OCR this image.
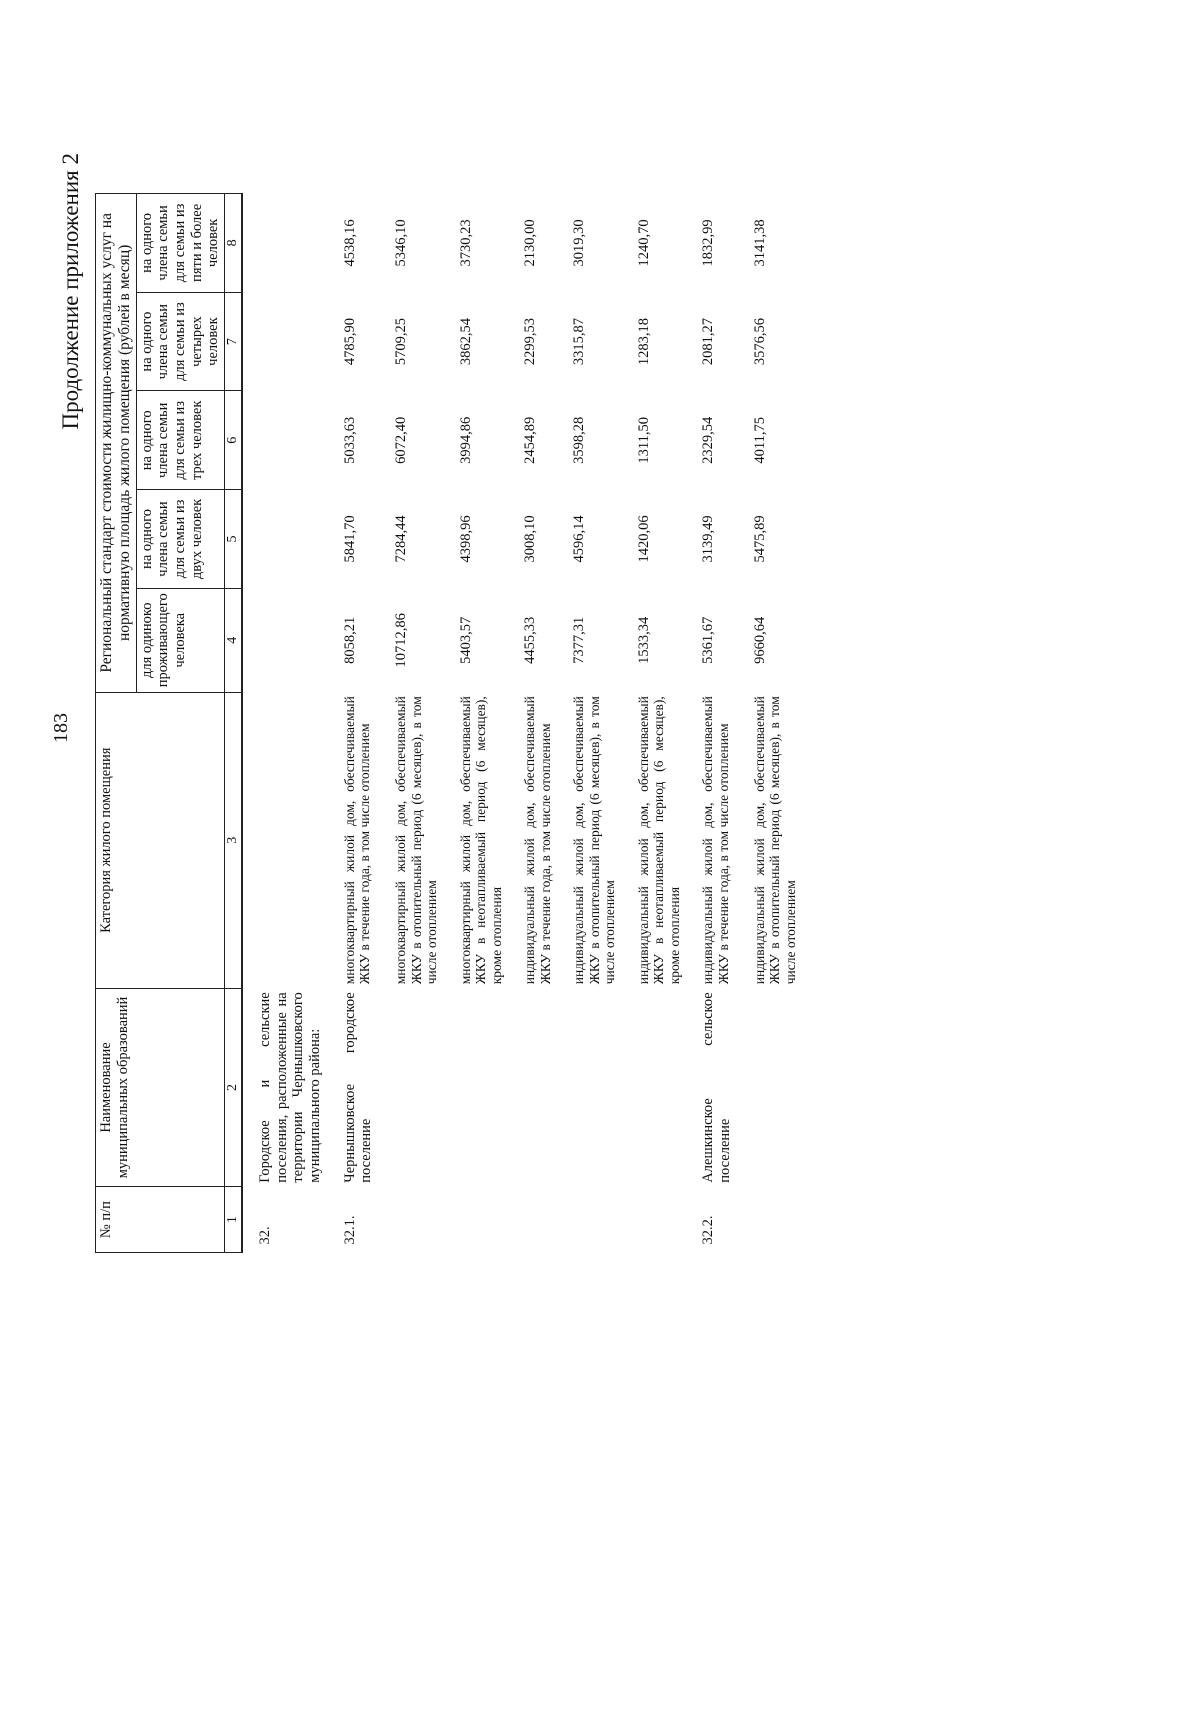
183
Продолжение приложения 2
№ п/п	Наименование муниципальных образований	Категория жилого помещения	Региональный стандарт стоимости жилищно-коммунальных услуг на нормативную площадь жилого помещения (рублей в месяц)				
			для одиноко проживающего человека	на одного члена семьи для семьи из двух человек	на одного члена семьи для семьи из трех человек	на одного члена семьи для семьи из четырех человек	на одного члена семьи для семьи из пяти и более человек
1	2	3	4	5	6	7	8

32.	Городское и сельские поселения, расположенные на территории Чернышковского муниципального района:						
32.1.	Чернышковское городское поселение	многоквартирный жилой дом, обеспечиваемый ЖКУ в течение года, в том числе отоплением	8058,21	5841,70	5033,63	4785,90	4538,16
		многоквартирный жилой дом, обеспечиваемый ЖКУ в отопительный период (6 месяцев), в том числе отоплением	10712,86	7284,44	6072,40	5709,25	5346,10
		многоквартирный жилой дом, обеспечиваемый ЖКУ в неотапливаемый период (6 месяцев), кроме отопления	5403,57	4398,96	3994,86	3862,54	3730,23
		индивидуальный жилой дом, обеспечиваемый ЖКУ в течение года, в том числе отоплением	4455,33	3008,10	2454,89	2299,53	2130,00
		индивидуальный жилой дом, обеспечиваемый ЖКУ в отопительный период (6 месяцев), в том числе отоплением	7377,31	4596,14	3598,28	3315,87	3019,30
		индивидуальный жилой дом, обеспечиваемый ЖКУ в неотапливаемый период (6 месяцев), кроме отопления	1533,34	1420,06	1311,50	1283,18	1240,70
32.2.	Алешкинское сельское поселение	индивидуальный жилой дом, обеспечиваемый ЖКУ в течение года, в том числе отоплением	5361,67	3139,49	2329,54	2081,27	1832,99
		индивидуальный жилой дом, обеспечиваемый ЖКУ в отопительный период (6 месяцев), в том числе отоплением	9660,64	5475,89	4011,75	3576,56	3141,38
